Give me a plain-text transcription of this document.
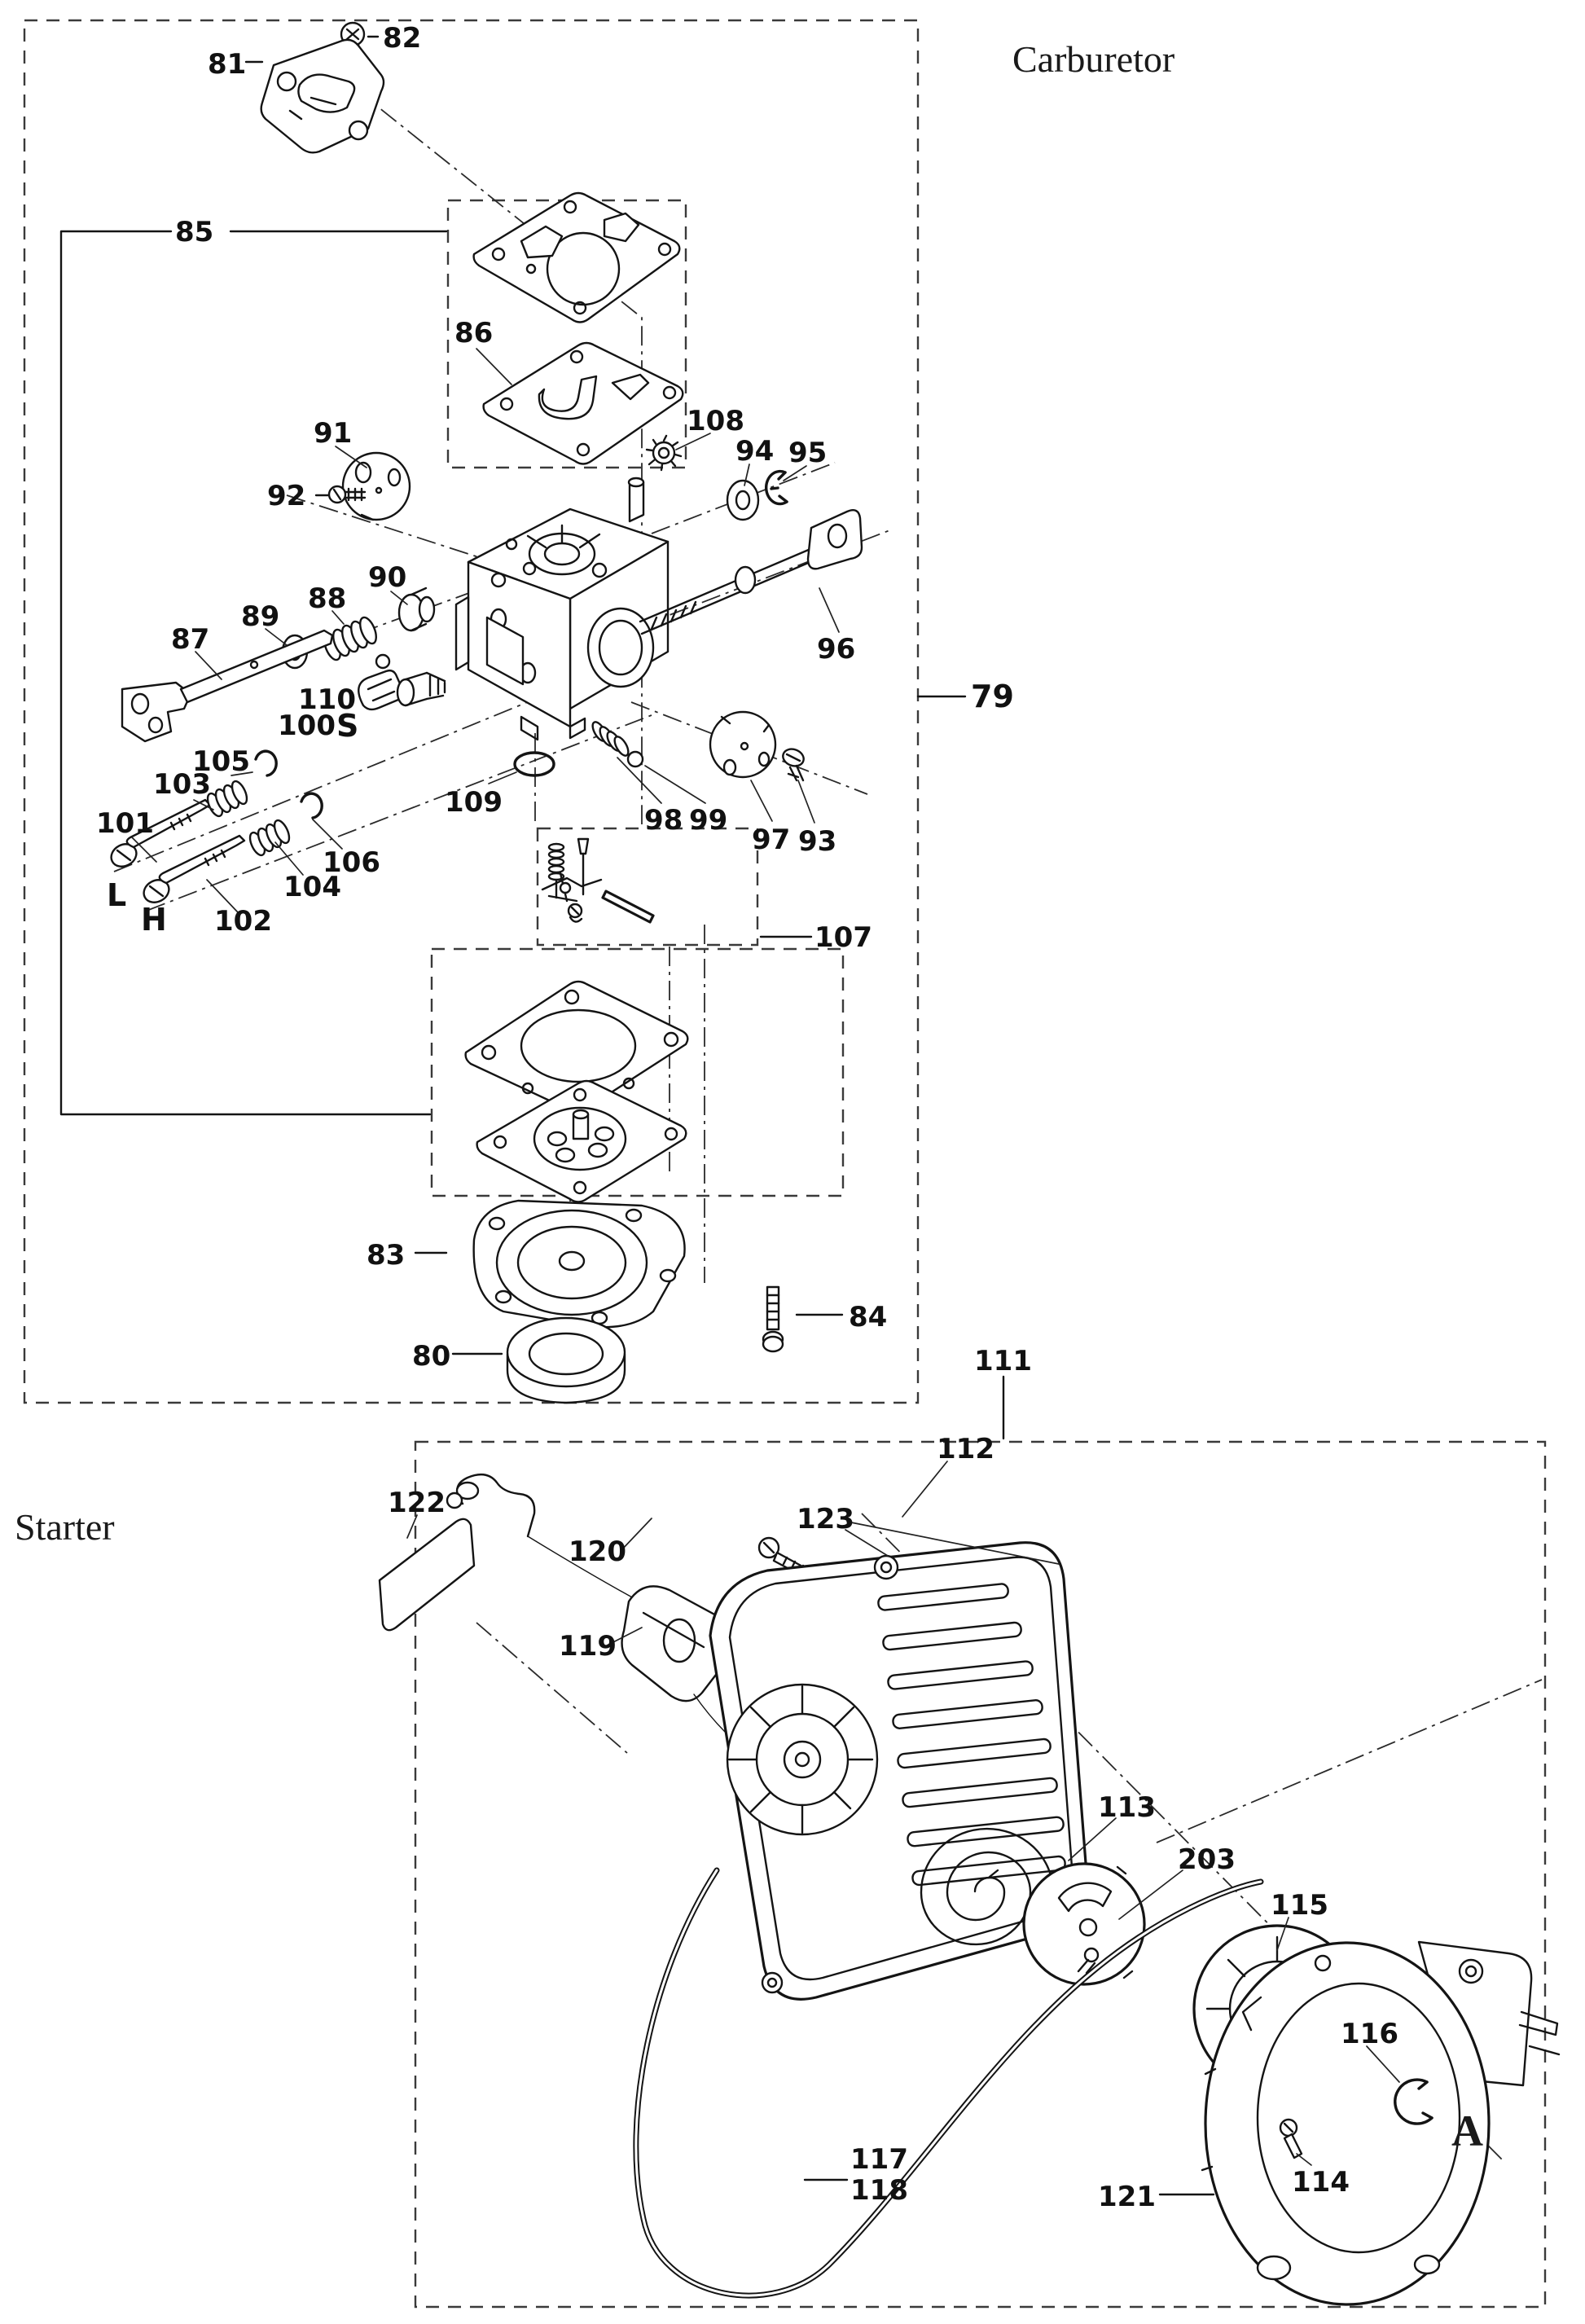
Carburetor
Starter
79
81
82
85
86
91
92
108
94 95
96
90
88
89
87
110
100 S
109
98 99
97 93
107
101
103
105
106
104
L
H 102
83
84
80	111
112
122
120
119
123
113
203
115
116
A
114
121
117
118
